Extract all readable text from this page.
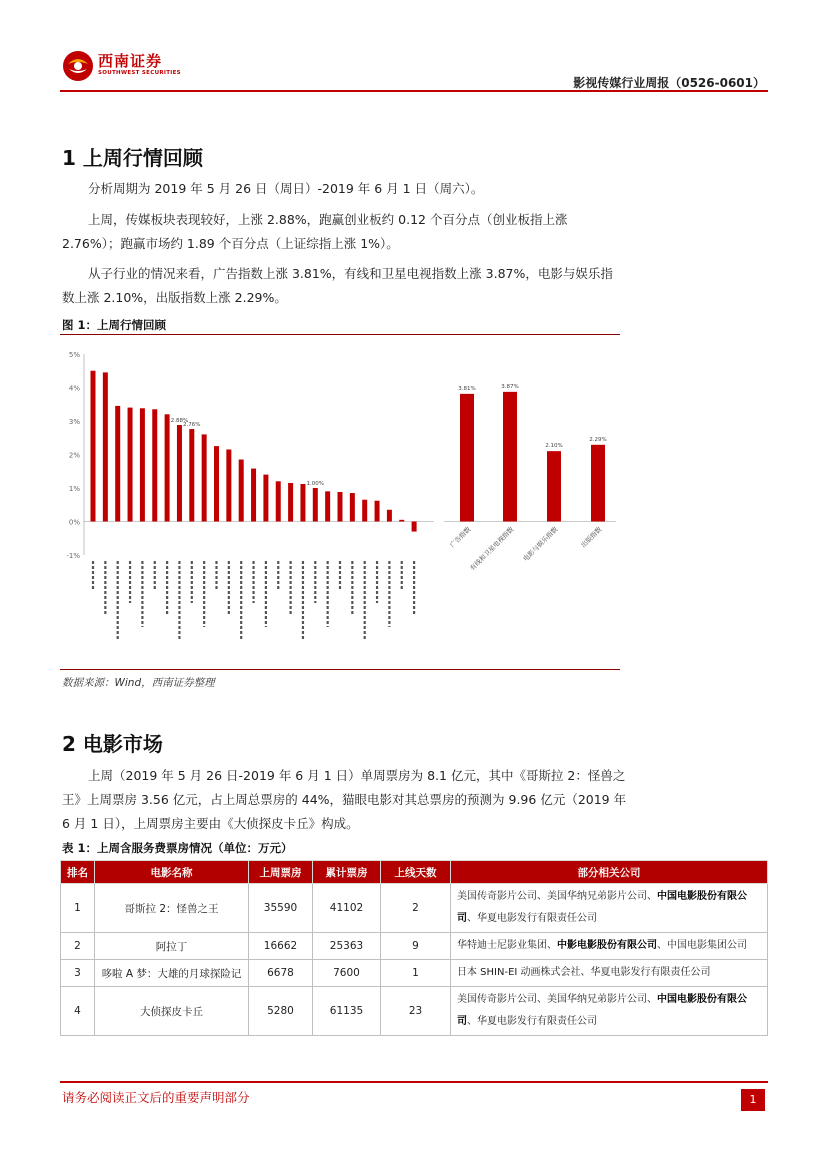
西南证券
SOUTHWEST SECURITIES
影视传媒行业周报（0526-0601）
1 上周行情回顾
分析周期为 2019 年 5 月 26 日（周日）-2019 年 6 月 1 日（周六）。
上周，传媒板块表现较好，上涨 2.88%，跑赢创业板约 0.12 个百分点（创业板指上涨 2.76%）；跑赢市场约 1.89 个百分点（上证综指上涨 1%）。
从子行业的情况来看，广告指数上涨 3.81%，有线和卫星电视指数上涨 3.87%，电影与娱乐指数上涨 2.10%，出版指数上涨 2.29%。
图 1：上周行情回顾
5%
4%
3%
2%
1%
0%
-1%
2.88%
2.76%
1.00%
3.81%
广告指数
3.87%
有线和卫星电视指数
2.10%
电影与娱乐指数
2.29%
出版指数
数据来源：Wind，西南证券整理
2 电影市场
上周（2019 年 5 月 26 日-2019 年 6 月 1 日）单周票房为 8.1 亿元，其中《哥斯拉 2：怪兽之王》上周票房 3.56 亿元，占上周总票房的 44%，猫眼电影对其总票房的预测为 9.96 亿元（2019 年 6 月 1 日），上周票房主要由《大侦探皮卡丘》构成。
表 1：上周含服务费票房情况（单位：万元）
排名	电影名称	上周票房	累计票房	上线天数	部分相关公司
1	哥斯拉 2：怪兽之王	35590	41102	2	美国传奇影片公司、美国华纳兄弟影片公司、中国电影股份有限公司、华夏电影发行有限责任公司
2	阿拉丁	16662	25363	9	华特迪士尼影业集团、中影电影股份有限公司、中国电影集团公司
3	哆啦 A 梦：大雄的月球探险记	6678	7600	1	日本 SHIN-EI 动画株式会社、华夏电影发行有限责任公司
4	大侦探皮卡丘	5280	61135	23	美国传奇影片公司、美国华纳兄弟影片公司、中国电影股份有限公司、华夏电影发行有限责任公司
请务必阅读正文后的重要声明部分	1
